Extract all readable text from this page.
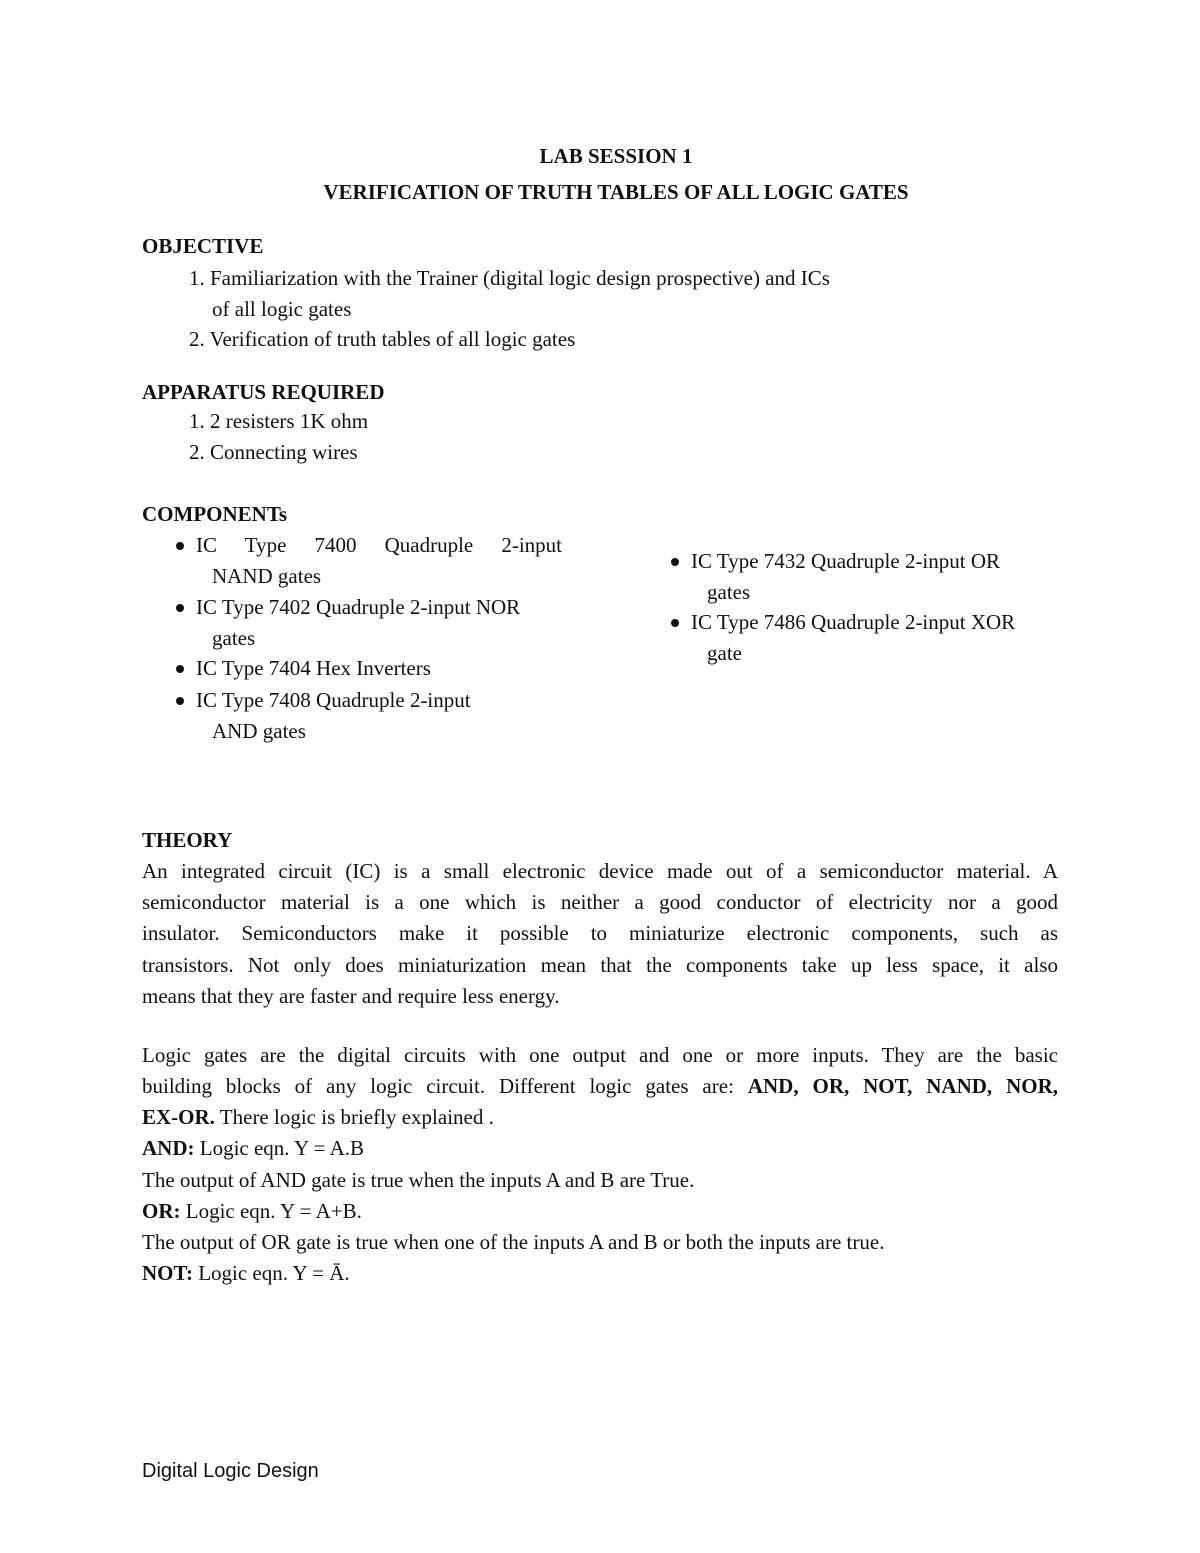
LAB SESSION 1
VERIFICATION OF TRUTH TABLES OF ALL LOGIC GATES
OBJECTIVE
1. Familiarization with the Trainer (digital logic design prospective) and ICs
of all logic gates
2. Verification of truth tables of all logic gates
APPARATUS REQUIRED
1. 2 resisters 1K ohm
2. Connecting wires
COMPONENTs
IC Type 7400 Quadruple 2-input
NAND gates
IC Type 7402 Quadruple 2-input NOR
gates
IC Type 7404 Hex Inverters
IC Type 7408 Quadruple 2-input
AND gates
IC Type 7432 Quadruple 2-input OR
gates
IC Type 7486 Quadruple 2-input XOR
gate
THEORY
An integrated circuit (IC) is a small electronic device made out of a semiconductor material. A
semiconductor material is a one which is neither a good conductor of electricity nor a good
insulator. Semiconductors make it possible to miniaturize electronic components, such as
transistors. Not only does miniaturization mean that the components take up less space, it also
means that they are faster and require less energy.
Logic gates are the digital circuits with one output and one or more inputs. They are the basic
building blocks of any logic circuit. Different logic gates are: AND, OR, NOT, NAND, NOR,
EX-OR. There logic is briefly explained .
AND: Logic eqn. Y = A.B
The output of AND gate is true when the inputs A and B are True.
OR: Logic eqn. Y = A+B.
The output of OR gate is true when one of the inputs A and B or both the inputs are true.
NOT: Logic eqn. Y = Ā.
Digital Logic Design
